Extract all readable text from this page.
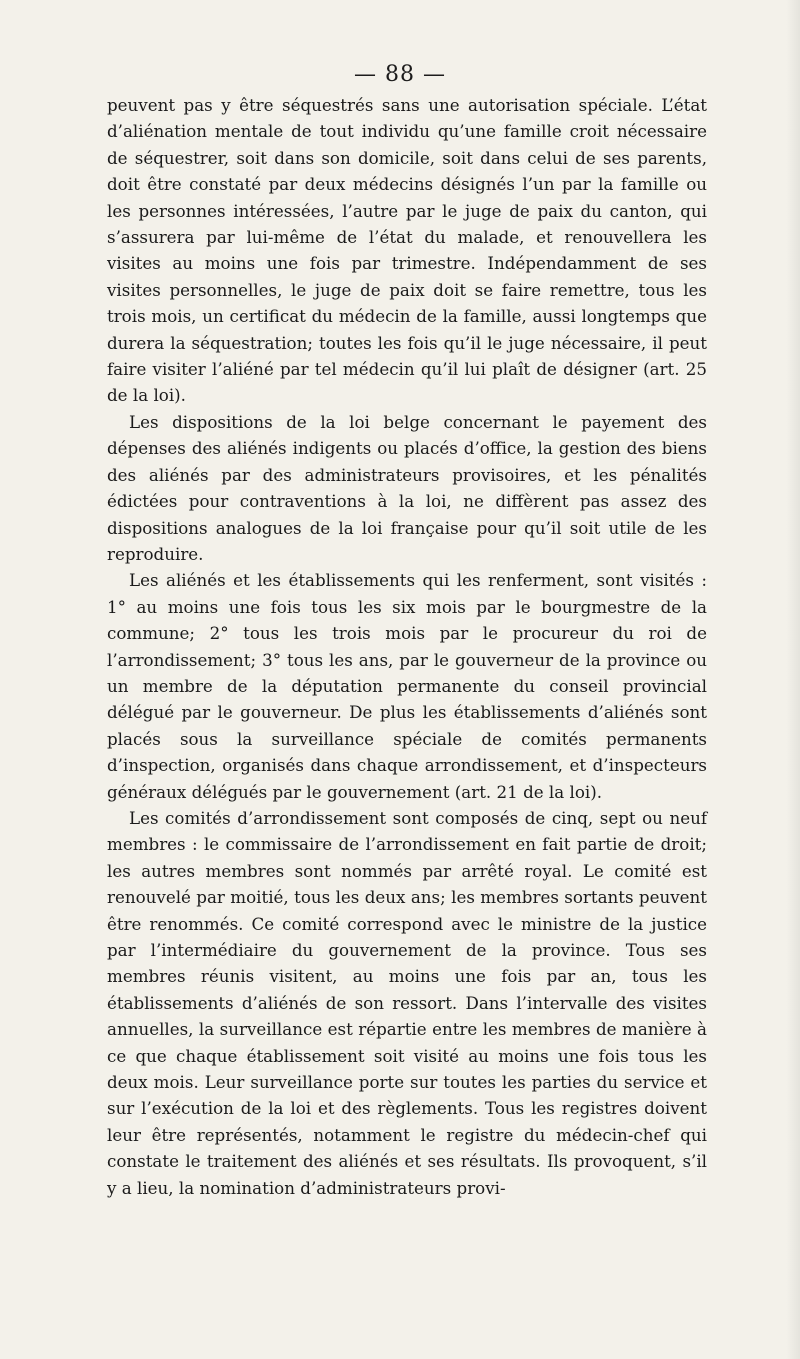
— 88 —

peuvent pas y être séquestrés sans une autorisation spéciale. L’état d’aliénation mentale de tout individu qu’une famille croit nécessaire de séquestrer, soit dans son domicile, soit dans celui de ses parents, doit être constaté par deux médecins désignés l’un par la famille ou les personnes intéressées, l’autre par le juge de paix du canton, qui s’assurera par lui-même de l’état du malade, et renouvellera les visites au moins une fois par trimestre. Indépendamment de ses visites personnelles, le juge de paix doit se faire remettre, tous les trois mois, un certificat du médecin de la famille, aussi longtemps que durera la séquestration; toutes les fois qu’il le juge nécessaire, il peut faire visiter l’aliéné par tel médecin qu’il lui plaît de désigner (art. 25 de la loi).

Les dispositions de la loi belge concernant le payement des dépenses des aliénés indigents ou placés d’office, la gestion des biens des aliénés par des administrateurs provisoires, et les pénalités édictées pour contraventions à la loi, ne diffèrent pas assez des dispositions analogues de la loi française pour qu’il soit utile de les reproduire.

Les aliénés et les établissements qui les renferment, sont visités : 1° au moins une fois tous les six mois par le bourgmestre de la commune; 2° tous les trois mois par le procureur du roi de l’arrondissement; 3° tous les ans, par le gouverneur de la province ou un membre de la députation permanente du conseil provincial délégué par le gouverneur. De plus les établissements d’aliénés sont placés sous la surveillance spéciale de comités permanents d’inspection, organisés dans chaque arrondissement, et d’inspecteurs généraux délégués par le gouvernement (art. 21 de la loi).

Les comités d’arrondissement sont composés de cinq, sept ou neuf membres : le commissaire de l’arrondissement en fait partie de droit; les autres membres sont nommés par arrêté royal. Le comité est renouvelé par moitié, tous les deux ans; les membres sortants peuvent être renommés. Ce comité correspond avec le ministre de la justice par l’intermédiaire du gouvernement de la province. Tous ses membres réunis visitent, au moins une fois par an, tous les établissements d’aliénés de son ressort. Dans l’intervalle des visites annuelles, la surveillance est répartie entre les membres de manière à ce que chaque établissement soit visité au moins une fois tous les deux mois. Leur surveillance porte sur toutes les parties du service et sur l’exécution de la loi et des règlements. Tous les registres doivent leur être représentés, notamment le registre du médecin-chef qui constate le traitement des aliénés et ses résultats. Ils provoquent, s’il y a lieu, la nomination d’administrateurs provi-
